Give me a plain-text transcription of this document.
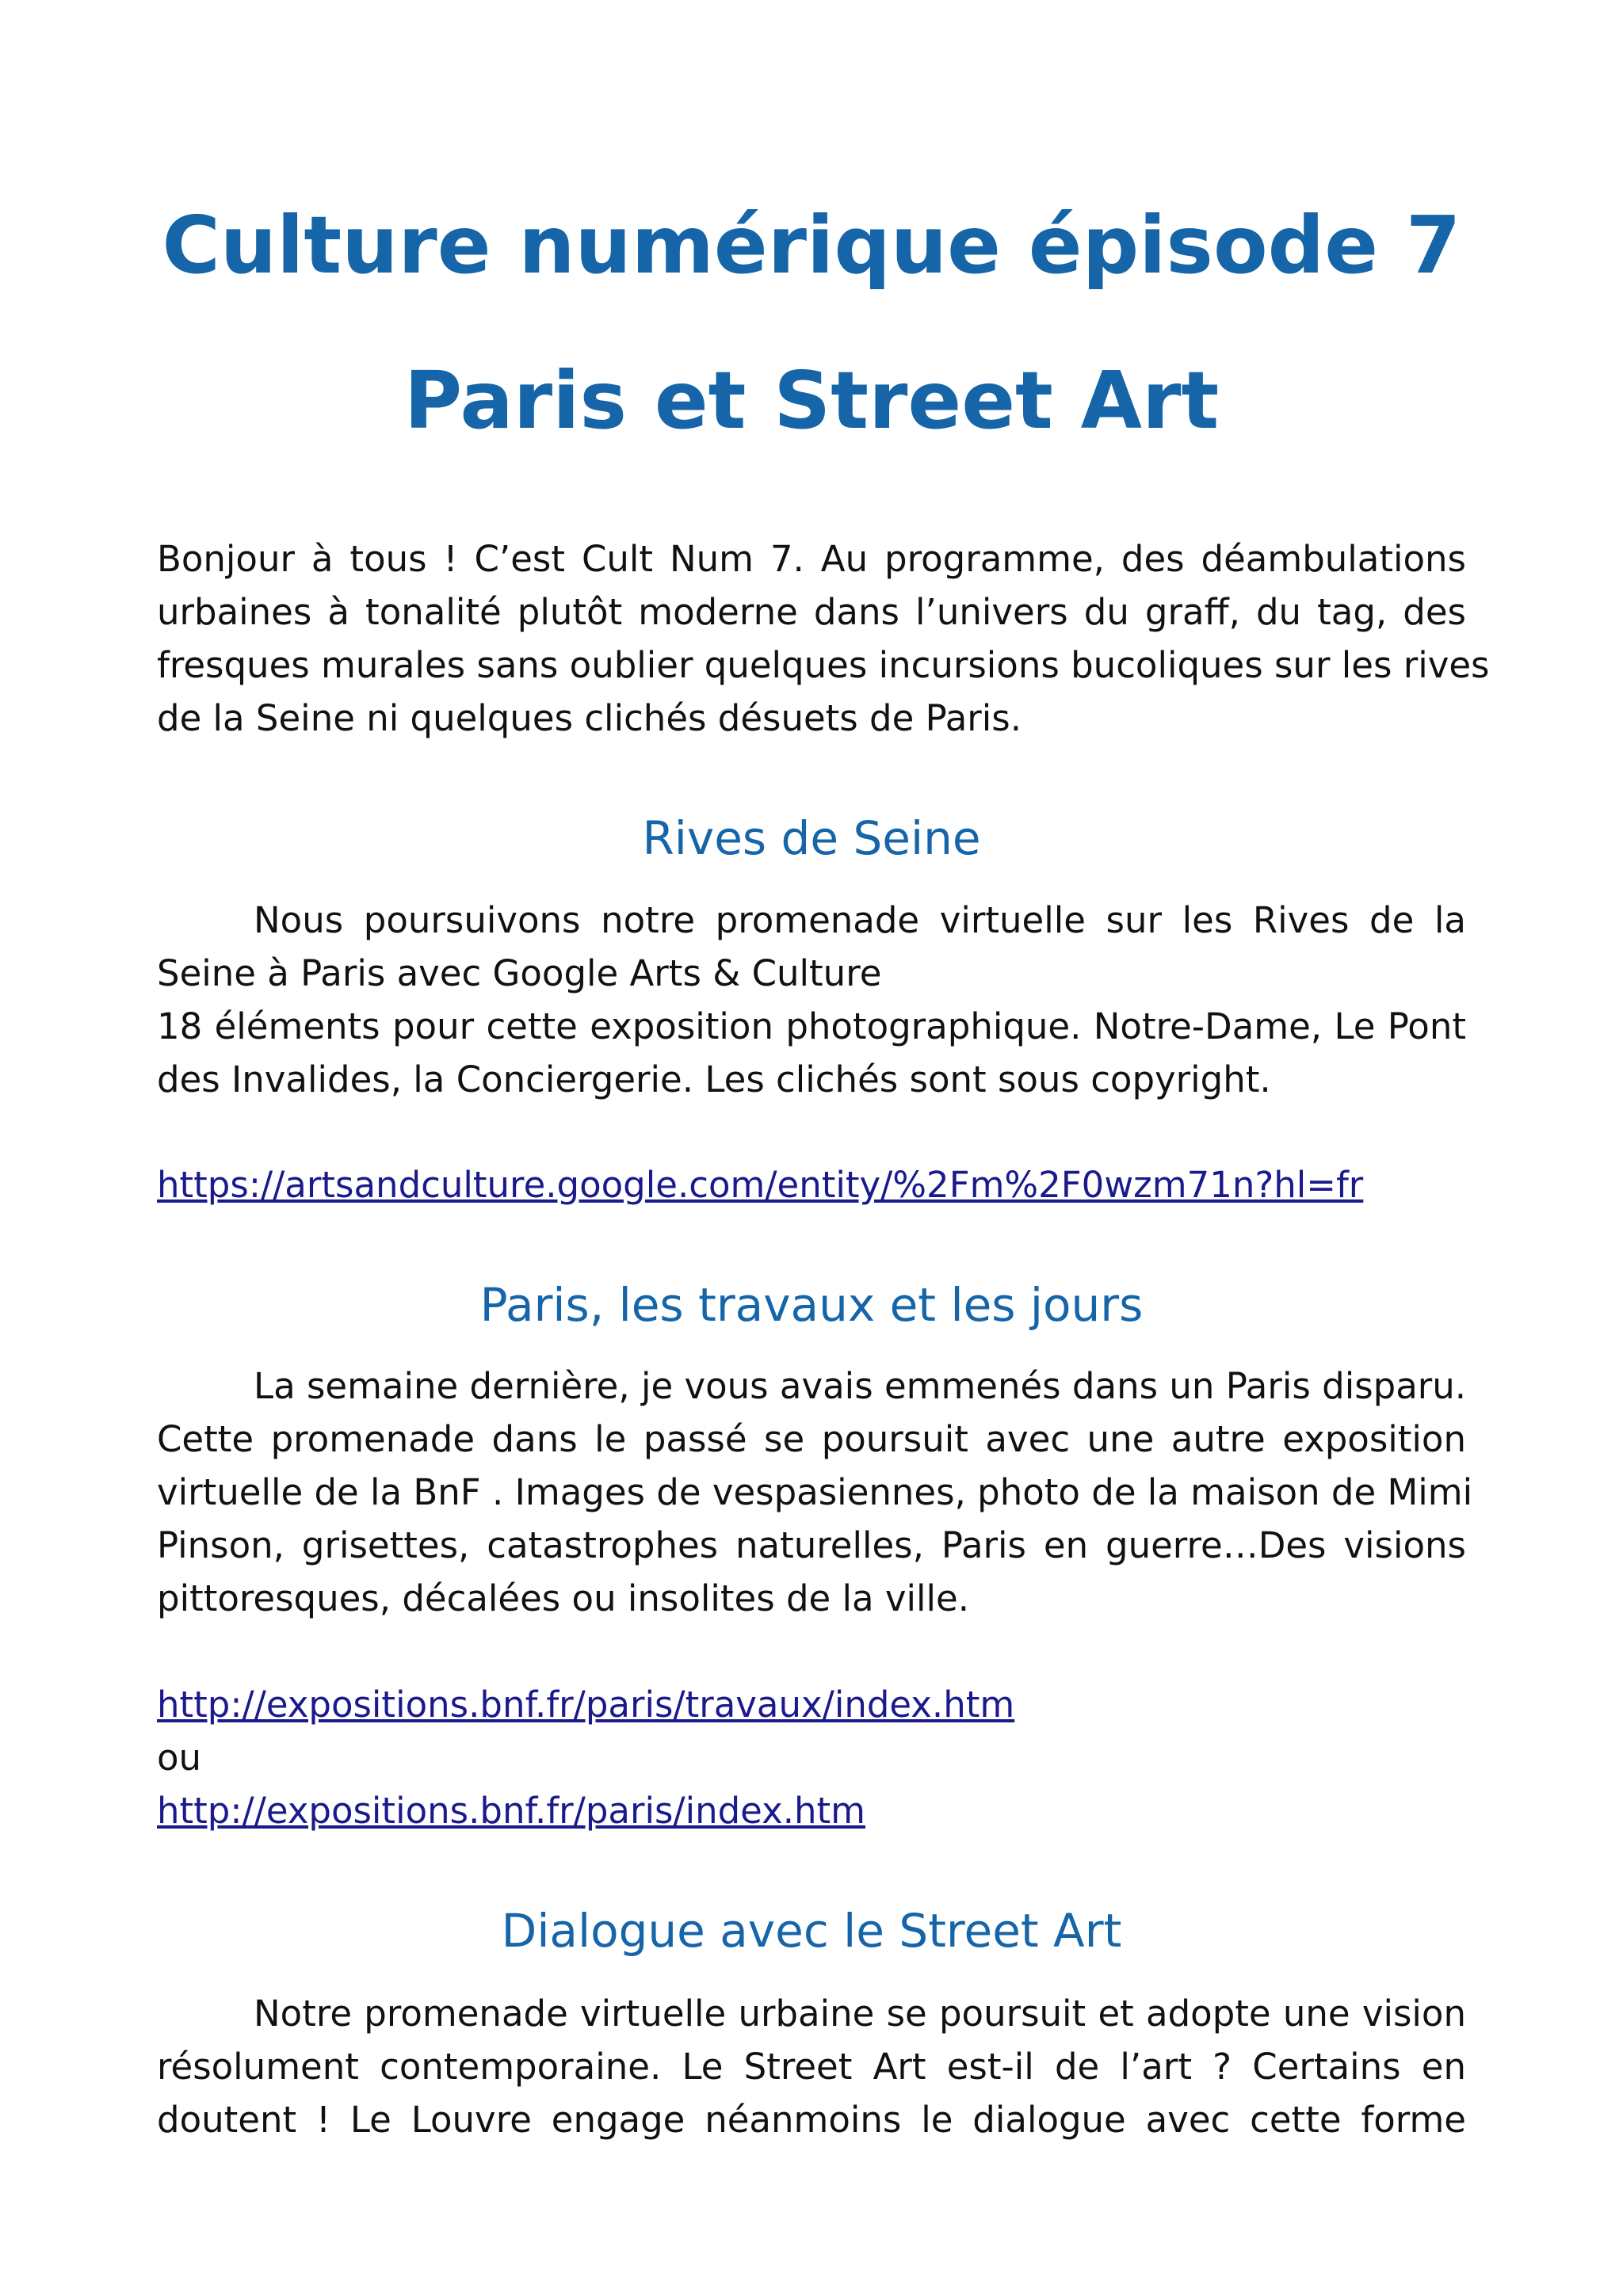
Culture numérique épisode 7
Paris et Street Art

Bonjour à tous ! C’est Cult Num 7. Au programme, des déambulations
urbaines à tonalité plutôt moderne dans l’univers du graff, du tag, des
fresques murales sans oublier quelques incursions bucoliques sur les rives
de la Seine ni quelques clichés désuets de Paris.

Rives de Seine

Nous poursuivons notre promenade virtuelle sur les Rives de la
Seine à Paris avec Google Arts & Culture
18 éléments pour cette exposition photographique. Notre-Dame, Le Pont
des Invalides, la Conciergerie. Les clichés sont sous copyright.

https://artsandculture.google.com/entity/%2Fm%2F0wzm71n?hl=fr
Paris, les travaux et les jours

La semaine dernière, je vous avais emmenés dans un Paris disparu.
Cette promenade dans le passé se poursuit avec une autre exposition
virtuelle de la BnF . Images de vespasiennes, photo de la maison de Mimi
Pinson, grisettes, catastrophes naturelles, Paris en guerre…Des visions
pittoresques, décalées ou insolites de la ville.

http://expositions.bnf.fr/paris/travaux/index.htm
ou
http://expositions.bnf.fr/paris/index.htm
Dialogue avec le Street Art

Notre promenade virtuelle urbaine se poursuit et adopte une vision
résolument contemporaine. Le Street Art est-il de l’art ? Certains en
doutent ! Le Louvre engage néanmoins le dialogue avec cette forme
